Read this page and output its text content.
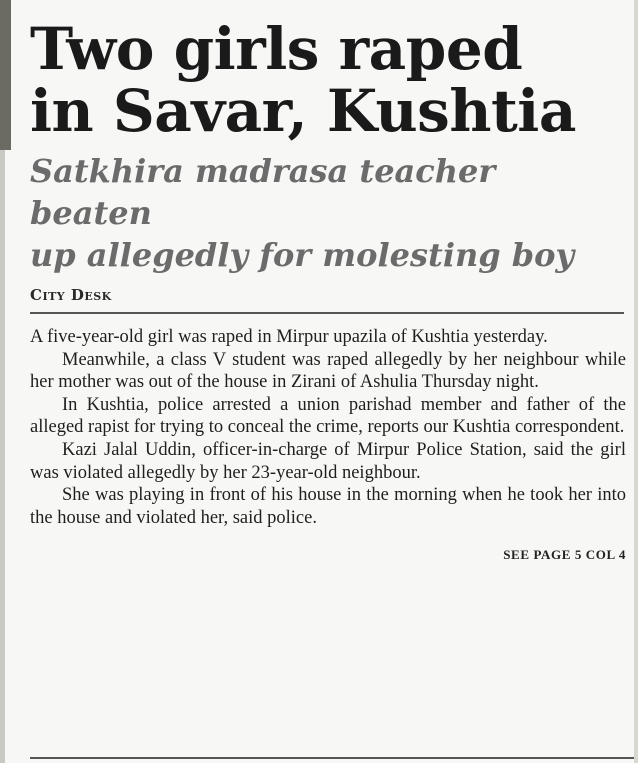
Two girls raped
in Savar, Kushtia
Satkhira madrasa teacher beaten
up allegedly for molesting boy
City Desk

A five-year-old girl was raped in Mirpur upazila of Kushtia yesterday.

Meanwhile, a class V student was raped allegedly by her neighbour while her mother was out of the house in Zirani of Ashulia Thursday night.

In Kushtia, police arrested a union parishad member and father of the alleged rapist for trying to conceal the crime, reports our Kushtia correspondent.

Kazi Jalal Uddin, officer-in-charge of Mirpur Police Station, said the girl was violated allegedly by her 23-year-old neighbour.

She was playing in front of his house in the morning when he took her into the house and violated her, said police.

SEE PAGE 5 COL 4
